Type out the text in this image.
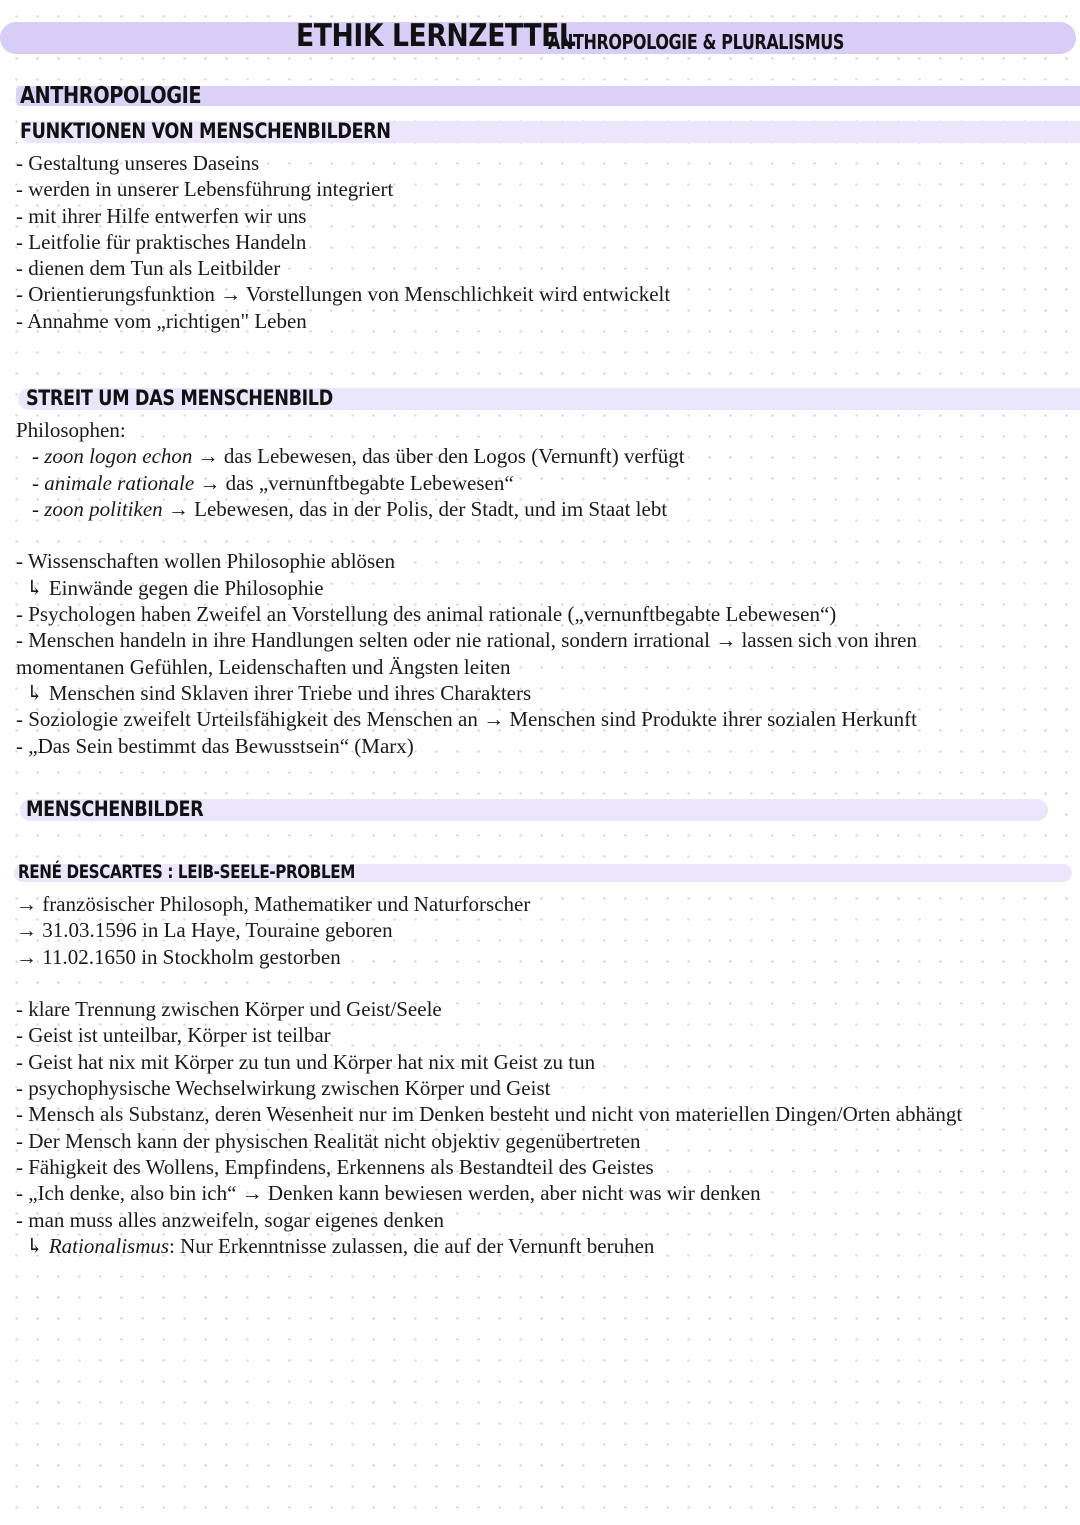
ETHIK LERNZETTEL
ANTHROPOLOGIE & PLURALISMUS
ANTHROPOLOGIE
FUNKTIONEN VON MENSCHENBILDERN
- Gestaltung unseres Daseins
- werden in unserer Lebensführung integriert
- mit ihrer Hilfe entwerfen wir uns
- Leitfolie für praktisches Handeln
- dienen dem Tun als Leitbilder
- Orientierungsfunktion → Vorstellungen von Menschlichkeit wird entwickelt
- Annahme vom „richtigen" Leben
STREIT UM DAS MENSCHENBILD
Philosophen:
- zoon logon echon → das Lebewesen, das über den Logos (Vernunft) verfügt
- animale rationale → das „vernunftbegabte Lebewesen“
- zoon politiken → Lebewesen, das in der Polis, der Stadt, und im Staat lebt
- Wissenschaften wollen Philosophie ablösen
↳ Einwände gegen die Philosophie
- Psychologen haben Zweifel an Vorstellung des animal rationale („vernunftbegabte Lebewesen“)
- Menschen handeln in ihre Handlungen selten oder nie rational, sondern irrational → lassen sich von ihren momentanen Gefühlen, Leidenschaften und Ängsten leiten
↳ Menschen sind Sklaven ihrer Triebe und ihres Charakters
- Soziologie zweifelt Urteilsfähigkeit des Menschen an → Menschen sind Produkte ihrer sozialen Herkunft
- „Das Sein bestimmt das Bewusstsein“ (Marx)
MENSCHENBILDER
RENÉ DESCARTES : LEIB-SEELE-PROBLEM
→ französischer Philosoph, Mathematiker und Naturforscher
→ 31.03.1596 in La Haye, Touraine geboren
→ 11.02.1650 in Stockholm gestorben
- klare Trennung zwischen Körper und Geist/Seele
- Geist ist unteilbar, Körper ist teilbar
- Geist hat nix mit Körper zu tun und Körper hat nix mit Geist zu tun
- psychophysische Wechselwirkung zwischen Körper und Geist
- Mensch als Substanz, deren Wesenheit nur im Denken besteht und nicht von materiellen Dingen/Orten abhängt
- Der Mensch kann der physischen Realität nicht objektiv gegenübertreten
- Fähigkeit des Wollens, Empfindens, Erkennens als Bestandteil des Geistes
- „Ich denke, also bin ich“ → Denken kann bewiesen werden, aber nicht was wir denken
- man muss alles anzweifeln, sogar eigenes denken
↳ Rationalismus: Nur Erkenntnisse zulassen, die auf der Vernunft beruhen
